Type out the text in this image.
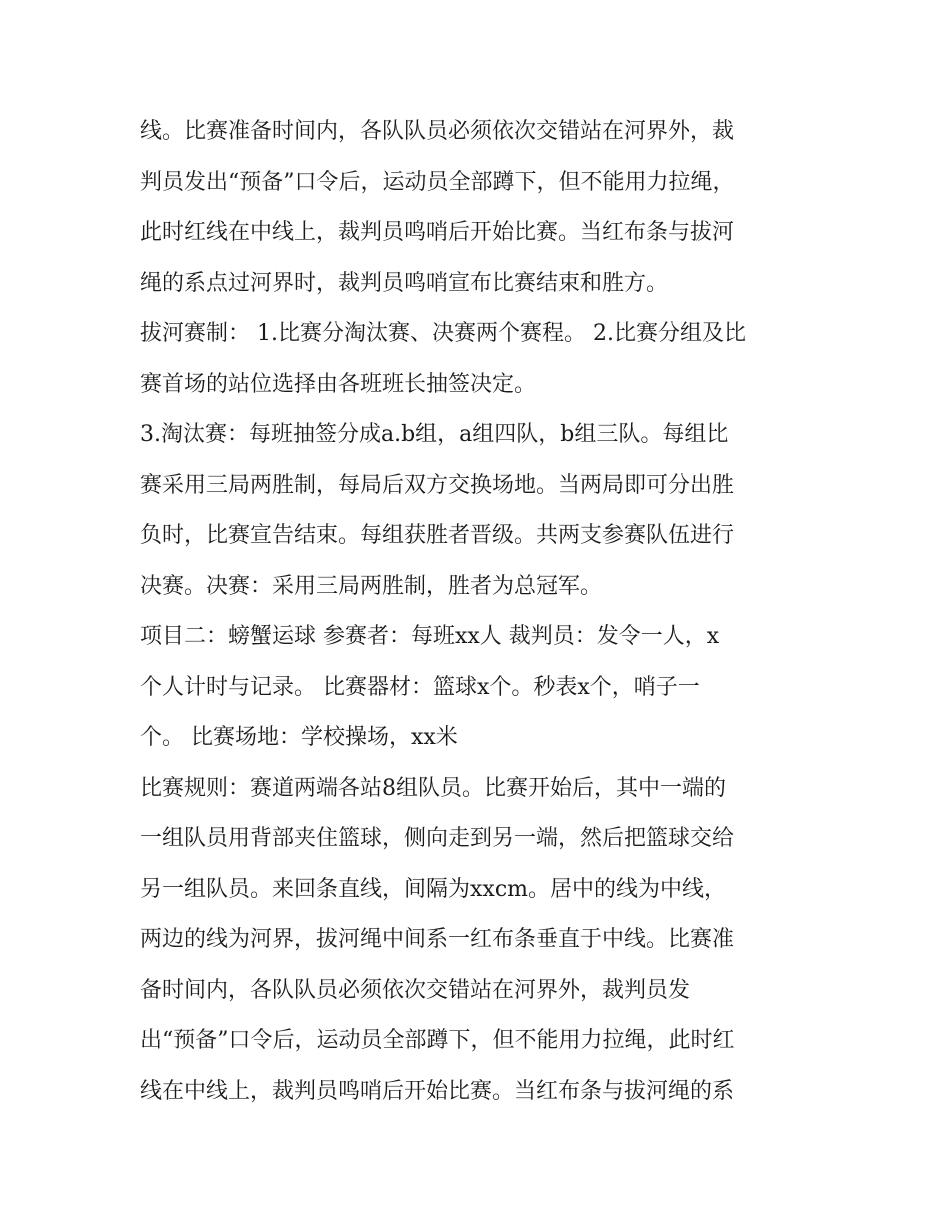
线。比赛准备时间内，各队队员必须依次交错站在河界外，裁
判员发出“预备”口令后，运动员全部蹲下，但不能用力拉绳，
此时红线在中线上，裁判员鸣哨后开始比赛。当红布条与拔河
绳的系点过河界时，裁判员鸣哨宣布比赛结束和胜方。
拔河赛制： 1.比赛分淘汰赛、决赛两个赛程。 2.比赛分组及比
赛首场的站位选择由各班班长抽签决定。
3.淘汰赛：每班抽签分成a.b组，a组四队，b组三队。每组比
赛采用三局两胜制，每局后双方交换场地。当两局即可分出胜
负时，比赛宣告结束。每组获胜者晋级。共两支参赛队伍进行
决赛。决赛：采用三局两胜制，胜者为总冠军。
项目二：螃蟹运球 参赛者：每班xx人 裁判员：发令一人，x
个人计时与记录。 比赛器材：篮球x个。秒表x个，哨子一
个。 比赛场地：学校操场，xx米
比赛规则：赛道两端各站8组队员。比赛开始后，其中一端的
一组队员用背部夹住篮球，侧向走到另一端，然后把篮球交给
另一组队员。来回条直线，间隔为xxcm。居中的线为中线，
两边的线为河界，拔河绳中间系一红布条垂直于中线。比赛准
备时间内，各队队员必须依次交错站在河界外，裁判员发
出“预备”口令后，运动员全部蹲下，但不能用力拉绳，此时红
线在中线上，裁判员鸣哨后开始比赛。当红布条与拔河绳的系
